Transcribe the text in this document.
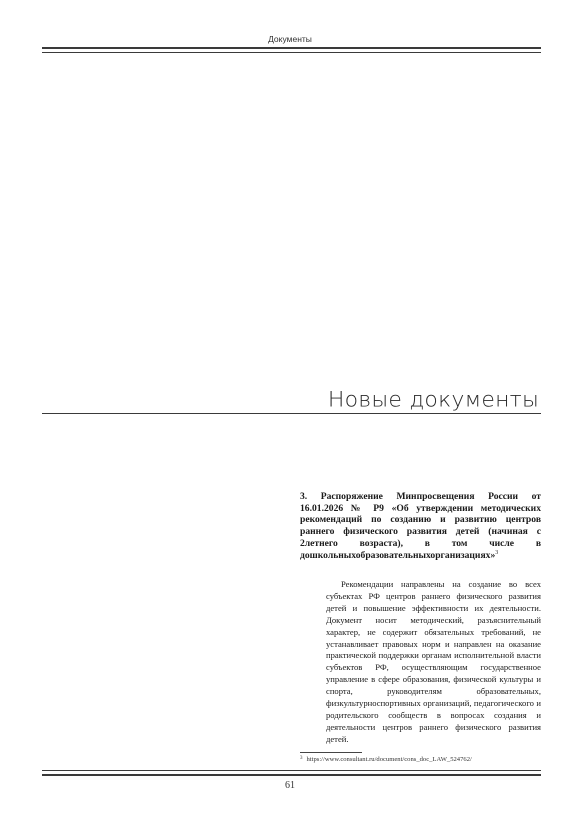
Документы
Новые документы

3. Распоряжение Минпросвещения России от 16.01.2026 № Р9 «Об утверждении методических рекомендаций по созданию и развитию центров раннего физического развития детей (начиная с 2летнего возраста), в том числе в дошкольныхобразовательныхорганизациях»$^3$

Рекомендации направлены на создание во всех субъектах РФ центров раннего физического развития детей и повышение эффективности их деятельности. Документ носит методический, разъяснительный характер, не содержит обязательных требований, не устанавливает правовых норм и направлен на оказание практической поддержки органам исполнительной власти субъектов РФ, осуществляющим государственное управление в сфере образования, физической культуры и спорта, руководителям образовательных, физкультурноспортивных организаций, педагогического и родительского сообществ в вопросах создания и деятельности центров раннего физического развития детей.

$^3$ https://www.consultant.ru/document/cons_doc_LAW_524762/

61
